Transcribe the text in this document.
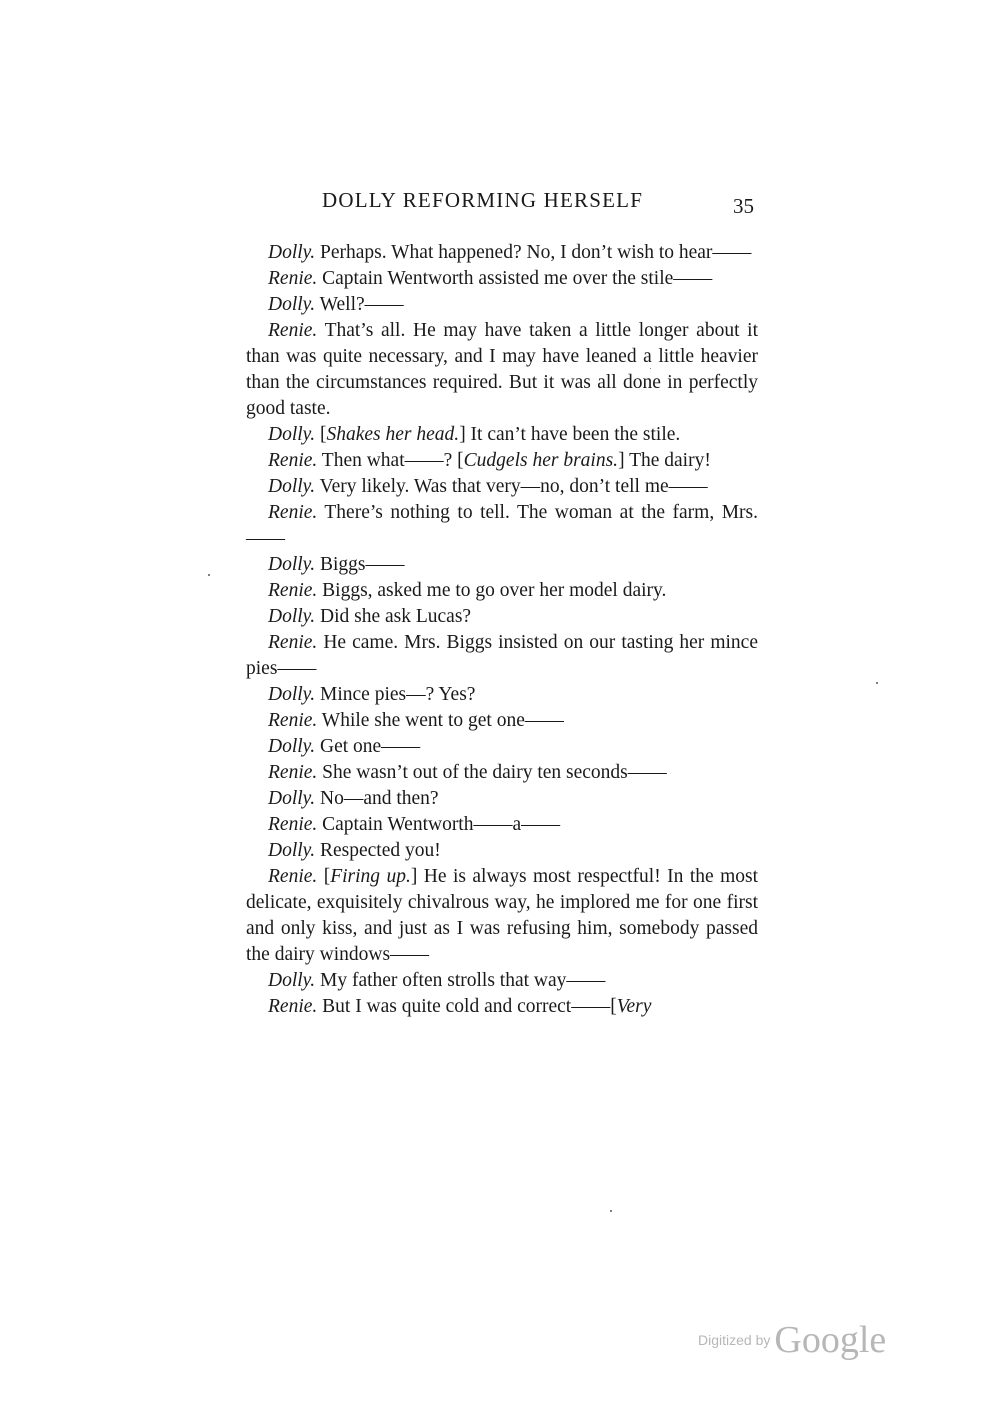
DOLLY REFORMING HERSELF	35

Dolly. Perhaps. What happened? No, I don’t wish to hear——

Renie. Captain Wentworth assisted me over the stile——

Dolly. Well?——

Renie. That’s all. He may have taken a little longer about it than was quite necessary, and I may have leaned a little heavier than the circumstances required. But it was all done in perfectly good taste.

Dolly. [Shakes her head.] It can’t have been the stile.

Renie. Then what——? [Cudgels her brains.] The dairy!

Dolly. Very likely. Was that very—no, don’t tell me——

Renie. There’s nothing to tell. The woman at the farm, Mrs.——

Dolly. Biggs——

Renie. Biggs, asked me to go over her model dairy.

Dolly. Did she ask Lucas?

Renie. He came. Mrs. Biggs insisted on our tasting her mince pies——

Dolly. Mince pies—? Yes?

Renie. While she went to get one——

Dolly. Get one——

Renie. She wasn’t out of the dairy ten seconds——

Dolly. No—and then?

Renie. Captain Wentworth——a——

Dolly. Respected you!

Renie. [Firing up.] He is always most respectful! In the most delicate, exquisitely chivalrous way, he implored me for one first and only kiss, and just as I was refusing him, somebody passed the dairy windows——

Dolly. My father often strolls that way——

Renie. But I was quite cold and correct——[Very

Digitized by Google
